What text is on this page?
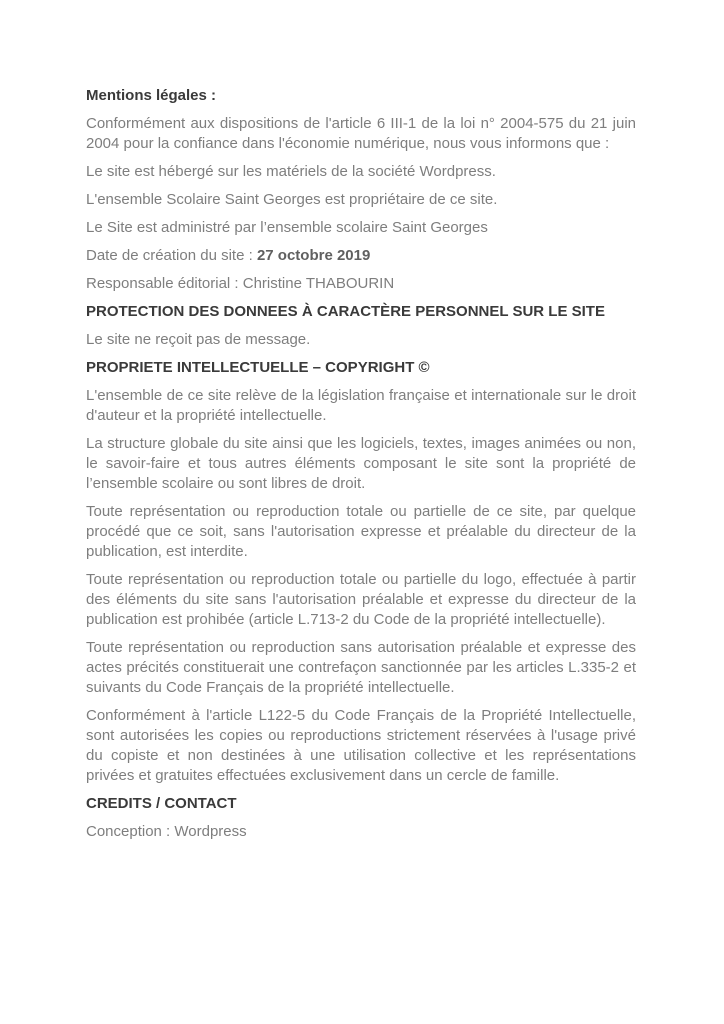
Mentions légales :

Conformément aux dispositions de l'article 6 III-1 de la loi n° 2004-575 du 21 juin 2004 pour la confiance dans l'économie numérique, nous vous informons que :

Le site est hébergé sur les matériels de la société Wordpress.

L'ensemble Scolaire Saint Georges est propriétaire de ce site.

Le Site est administré par l’ensemble scolaire Saint Georges

Date de création du site : 27 octobre 2019

Responsable éditorial : Christine THABOURIN

PROTECTION DES DONNEES À CARACTÈRE PERSONNEL SUR LE SITE

Le site ne reçoit pas de message.

PROPRIETE INTELLECTUELLE – COPYRIGHT ©

L'ensemble de ce site relève de la législation française et internationale sur le droit d'auteur et la propriété intellectuelle.

La structure globale du site ainsi que les logiciels, textes, images animées ou non, le savoir-faire et tous autres éléments composant le site sont la propriété de l’ensemble scolaire ou sont libres de droit.

Toute représentation ou reproduction totale ou partielle de ce site, par quelque procédé que ce soit, sans l'autorisation expresse et préalable du directeur de la publication, est interdite.

Toute représentation ou reproduction totale ou partielle du logo, effectuée à partir des éléments du site sans l'autorisation préalable et expresse du directeur de la publication est prohibée (article L.713-2 du Code de la propriété intellectuelle).

Toute représentation ou reproduction sans autorisation préalable et expresse des actes précités constituerait une contrefaçon sanctionnée par les articles L.335-2 et suivants du Code Français de la propriété intellectuelle.

Conformément à l'article L122-5 du Code Français de la Propriété Intellectuelle, sont autorisées les copies ou reproductions strictement réservées à l'usage privé du copiste et non destinées à une utilisation collective et les représentations privées et gratuites effectuées exclusivement dans un cercle de famille.

CREDITS / CONTACT

Conception : Wordpress
